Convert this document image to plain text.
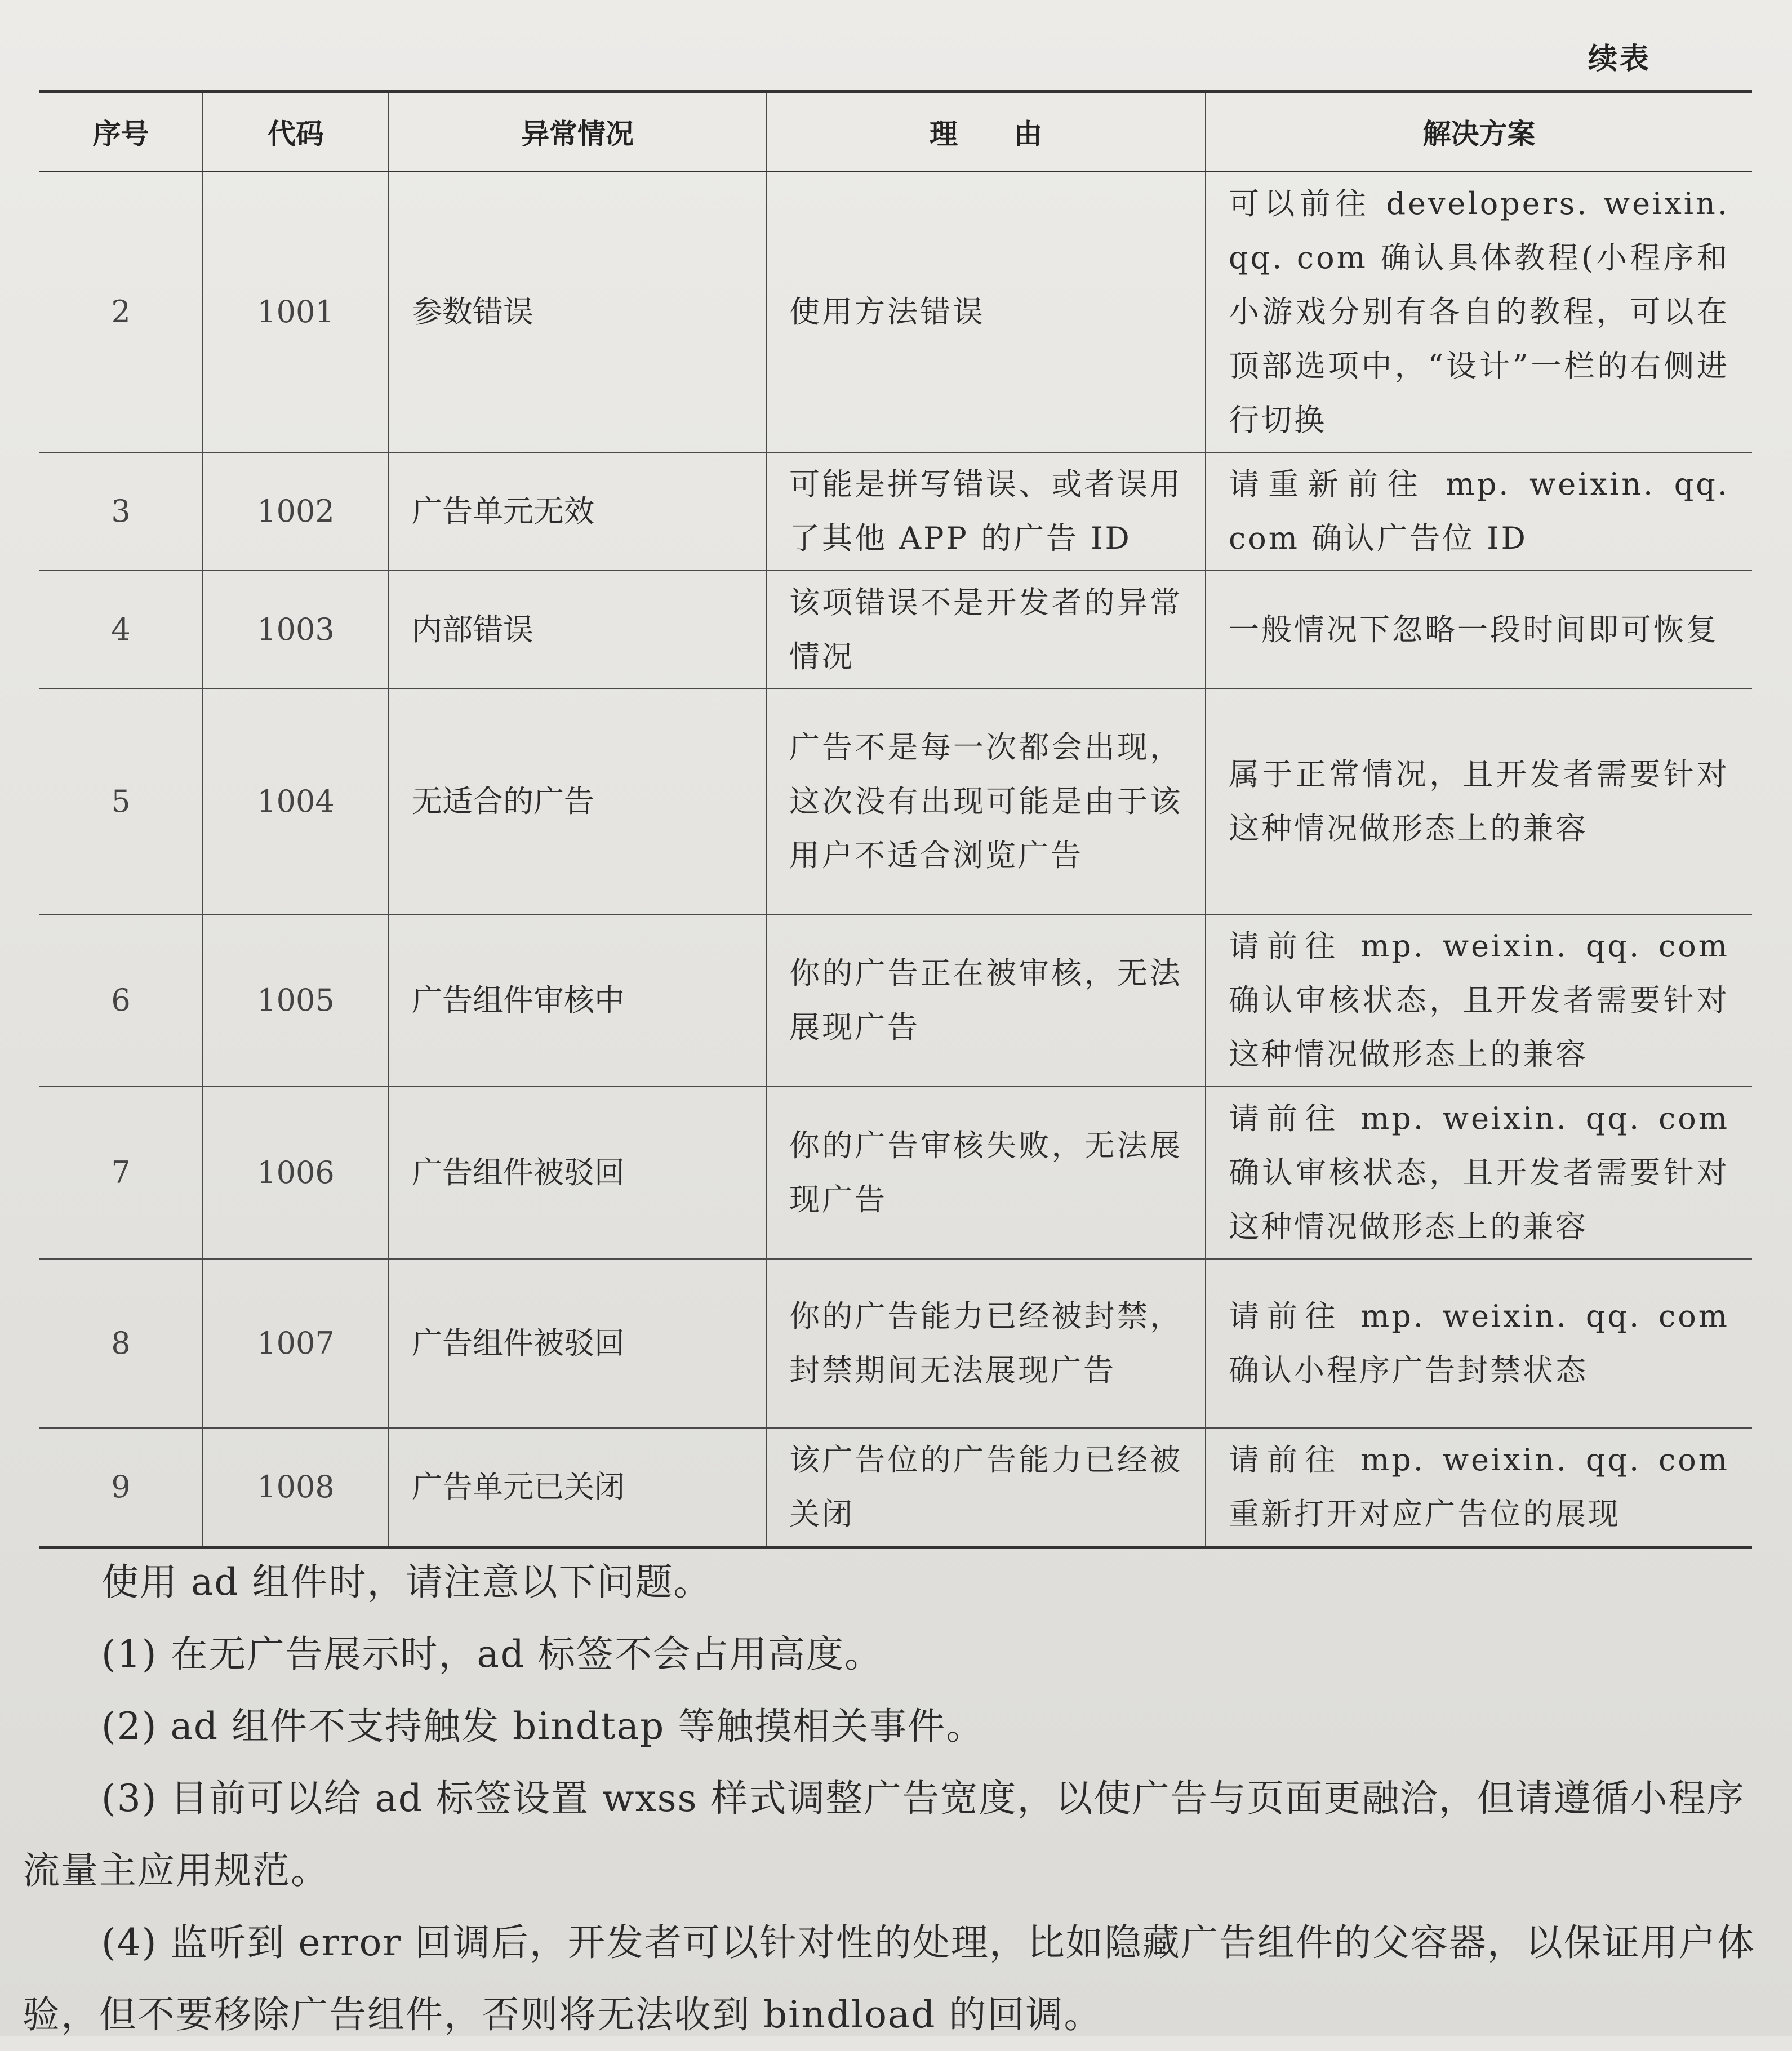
续表
序号	代码	异常情况	理　　由	解决方案
2	1001	参数错误	使用方法错误	可以前往 developers. weixin. qq. com 确认具体教程(小程序和小游戏分别有各自的教程，可以在顶部选项中，“设计”一栏的右侧进行切换
3	1002	广告单元无效	可能是拼写错误、或者误用了其他 APP 的广告 ID	请重新前往 mp. weixin. qq. com 确认广告位 ID
4	1003	内部错误	该项错误不是开发者的异常情况	一般情况下忽略一段时间即可恢复
5	1004	无适合的广告	广告不是每一次都会出现，这次没有出现可能是由于该用户不适合浏览广告	属于正常情况，且开发者需要针对这种情况做形态上的兼容
6	1005	广告组件审核中	你的广告正在被审核，无法展现广告	请前往 mp. weixin. qq. com 确认审核状态，且开发者需要针对这种情况做形态上的兼容
7	1006	广告组件被驳回	你的广告审核失败，无法展现广告	请前往 mp. weixin. qq. com 确认审核状态，且开发者需要针对这种情况做形态上的兼容
8	1007	广告组件被驳回	你的广告能力已经被封禁，封禁期间无法展现广告	请前往 mp. weixin. qq. com 确认小程序广告封禁状态
9	1008	广告单元已关闭	该广告位的广告能力已经被关闭	请前往 mp. weixin. qq. com 重新打开对应广告位的展现

使用 ad 组件时，请注意以下问题。

(1) 在无广告展示时，ad 标签不会占用高度。

(2) ad 组件不支持触发 bindtap 等触摸相关事件。

(3) 目前可以给 ad 标签设置 wxss 样式调整广告宽度，以使广告与页面更融洽，但请遵循小程序流量主应用规范。

(4) 监听到 error 回调后，开发者可以针对性的处理，比如隐藏广告组件的父容器，以保证用户体验，但不要移除广告组件，否则将无法收到 bindload 的回调。
